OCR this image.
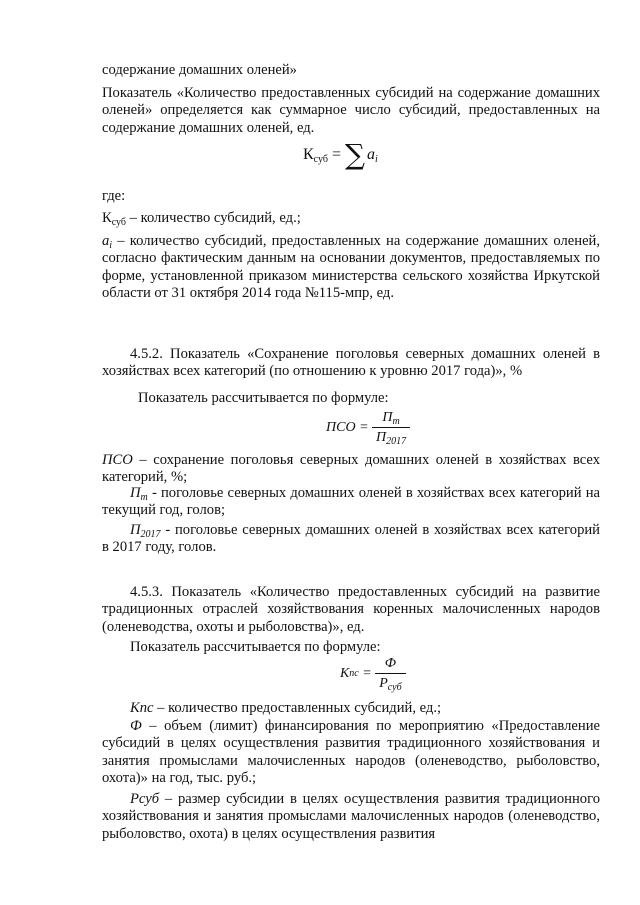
содержание домашних оленей»

Показатель «Количество предоставленных субсидий на содержание домашних оленей» определяется как суммарное число субсидий, предоставленных на содержание домашних оленей, ед.

$К_{суб}$ = ∑ $a_i$

где:

$К_{суб}$ – количество субсидий, ед.;

$a_i$ – количество субсидий, предоставленных на содержание домашних оленей, согласно фактическим данным на основании документов, предоставляемых по форме, установленной приказом министерства сельского хозяйства Иркутской области от 31 октября 2014 года №115-мпр, ед.

4.5.2. Показатель «Сохранение поголовья северных домашних оленей в хозяйствах всех категорий (по отношению к уровню 2017 года)», %

Показатель рассчитывается по формуле:

ПСО = $\frac{П_т}{П_{2017}}$

ПСО – сохранение поголовья северных домашних оленей в хозяйствах всех категорий, %;

$П_т$ - поголовье северных домашних оленей в хозяйствах всех категорий на текущий год, голов;

$П_{2017}$ - поголовье северных домашних оленей в хозяйствах всех категорий в 2017 году, голов.

4.5.3. Показатель «Количество предоставленных субсидий на развитие традиционных отраслей хозяйствования коренных малочисленных народов (оленеводства, охоты и рыболовства)», ед.

Показатель рассчитывается по формуле:

Кпс = $\frac{Ф}{Р_{суб}}$

Кпс – количество предоставленных субсидий, ед.;

Ф – объем (лимит) финансирования по мероприятию «Предоставление субсидий в целях осуществления развития традиционного хозяйствования и занятия промыслами малочисленных народов (оленеводство, рыболовство, охота)» на год, тыс. руб.;

Рсуб – размер субсидии в целях осуществления развития традиционного хозяйствования и занятия промыслами малочисленных народов (оленеводство, рыболовство, охота) в целях осуществления развития
